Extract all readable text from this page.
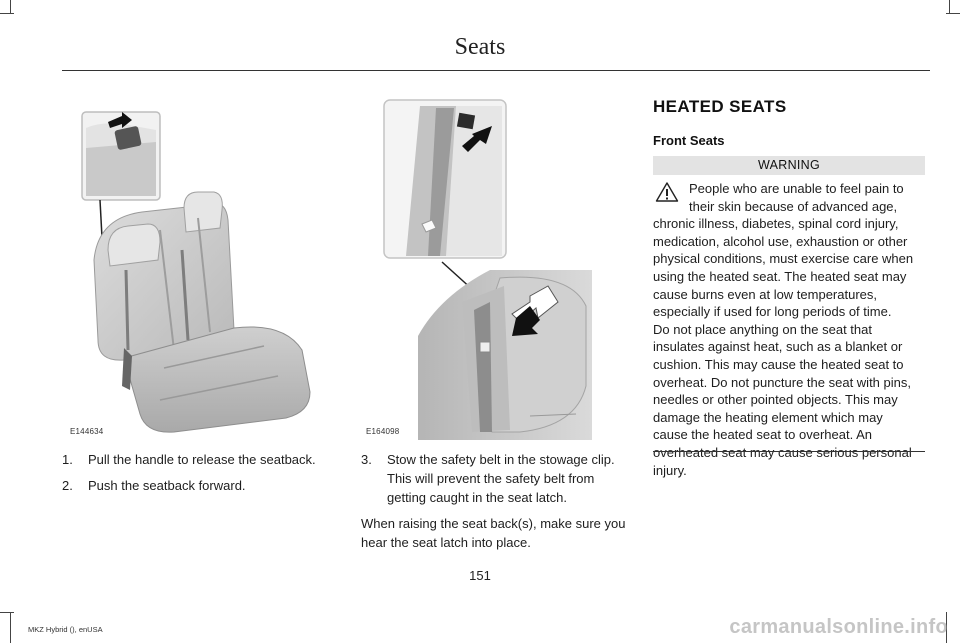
Seats
E144634	E164098
1. Pull the handle to release the seatback.
2. Push the seatback forward.
3. Stow the safety belt in the stowage clip. This will prevent the safety belt from getting caught in the seat latch.

When raising the seat back(s), make sure you hear the seat latch into place.

HEATED SEATS
Front Seats
WARNING

People who are unable to feel pain to
their skin because of advanced age,
chronic illness, diabetes, spinal cord injury,
medication, alcohol use, exhaustion or other
physical conditions, must exercise care when
using the heated seat. The heated seat may
cause burns even at low temperatures,
especially if used for long periods of time.
Do not place anything on the seat that
insulates against heat, such as a blanket or
cushion. This may cause the heated seat to
overheat. Do not puncture the seat with pins,
needles or other pointed objects. This may
damage the heating element which may
cause the heated seat to overheat. An
overheated seat may cause serious personal
injury.

151
MKZ Hybrid (), enUSA	carmanualsonline.info
